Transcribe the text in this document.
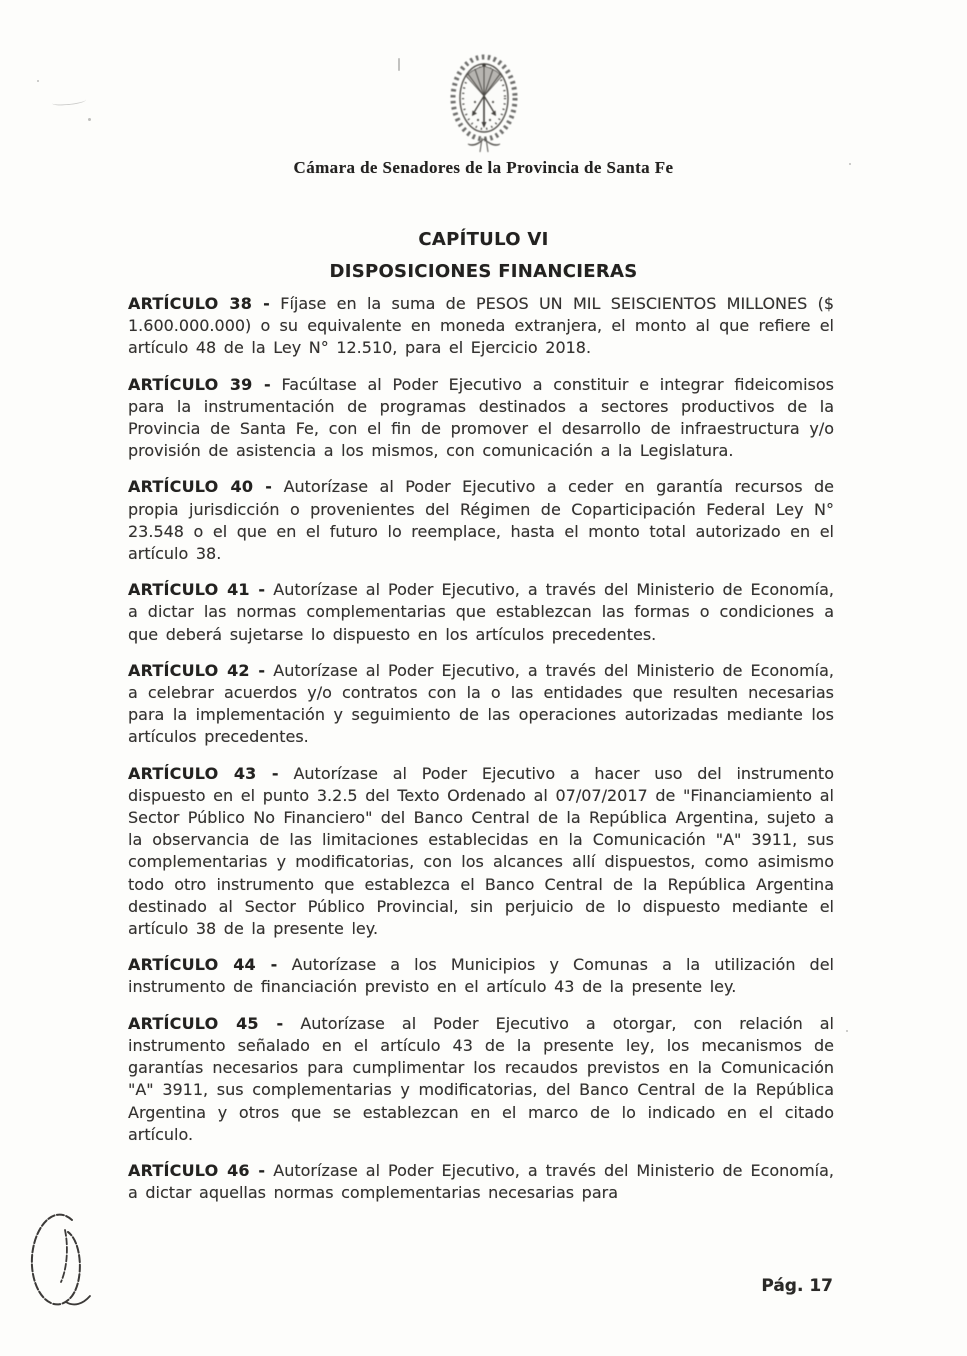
Cámara de Senadores de la Provincia de Santa Fe
CAPÍTULO VI
DISPOSICIONES FINANCIERAS

ARTÍCULO 38 - Fíjase en la suma de PESOS UN MIL SEISCIENTOS MILLONES ($ 1.600.000.000) o su equivalente en moneda extranjera, el monto al que refiere el artículo 48 de la Ley N° 12.510, para el Ejercicio 2018.

ARTÍCULO 39 - Facúltase al Poder Ejecutivo a constituir e integrar fideicomisos para la instrumentación de programas destinados a sectores productivos de la Provincia de Santa Fe, con el fin de promover el desarrollo de infraestructura y/o provisión de asistencia a los mismos, con comunicación a la Legislatura.

ARTÍCULO 40 - Autorízase al Poder Ejecutivo a ceder en garantía recursos de propia jurisdicción o provenientes del Régimen de Coparticipación Federal Ley N° 23.548 o el que en el futuro lo reemplace, hasta el monto total autorizado en el artículo 38.

ARTÍCULO 41 - Autorízase al Poder Ejecutivo, a través del Ministerio de Economía, a dictar las normas complementarias que establezcan las formas o condiciones a que deberá sujetarse lo dispuesto en los artículos precedentes.

ARTÍCULO 42 - Autorízase al Poder Ejecutivo, a través del Ministerio de Economía, a celebrar acuerdos y/o contratos con la o las entidades que resulten necesarias para la implementación y seguimiento de las operaciones autorizadas mediante los artículos precedentes.

ARTÍCULO 43 - Autorízase al Poder Ejecutivo a hacer uso del instrumento dispuesto en el punto 3.2.5 del Texto Ordenado al 07/07/2017 de "Financiamiento al Sector Público No Financiero" del Banco Central de la República Argentina, sujeto a la observancia de las limitaciones establecidas en la Comunicación "A" 3911, sus complementarias y modificatorias, con los alcances allí dispuestos, como asimismo todo otro instrumento que establezca el Banco Central de la República Argentina destinado al Sector Público Provincial, sin perjuicio de lo dispuesto mediante el artículo 38 de la presente ley.

ARTÍCULO 44 - Autorízase a los Municipios y Comunas a la utilización del instrumento de financiación previsto en el artículo 43 de la presente ley.

ARTÍCULO 45 - Autorízase al Poder Ejecutivo a otorgar, con relación al instrumento señalado en el artículo 43 de la presente ley, los mecanismos de garantías necesarios para cumplimentar los recaudos previstos en la Comunicación "A" 3911, sus complementarias y modificatorias, del Banco Central de la República Argentina y otros que se establezcan en el marco de lo indicado en el citado artículo.

ARTÍCULO 46 - Autorízase al Poder Ejecutivo, a través del Ministerio de Economía, a dictar aquellas normas complementarias necesarias para

Pág. 17
